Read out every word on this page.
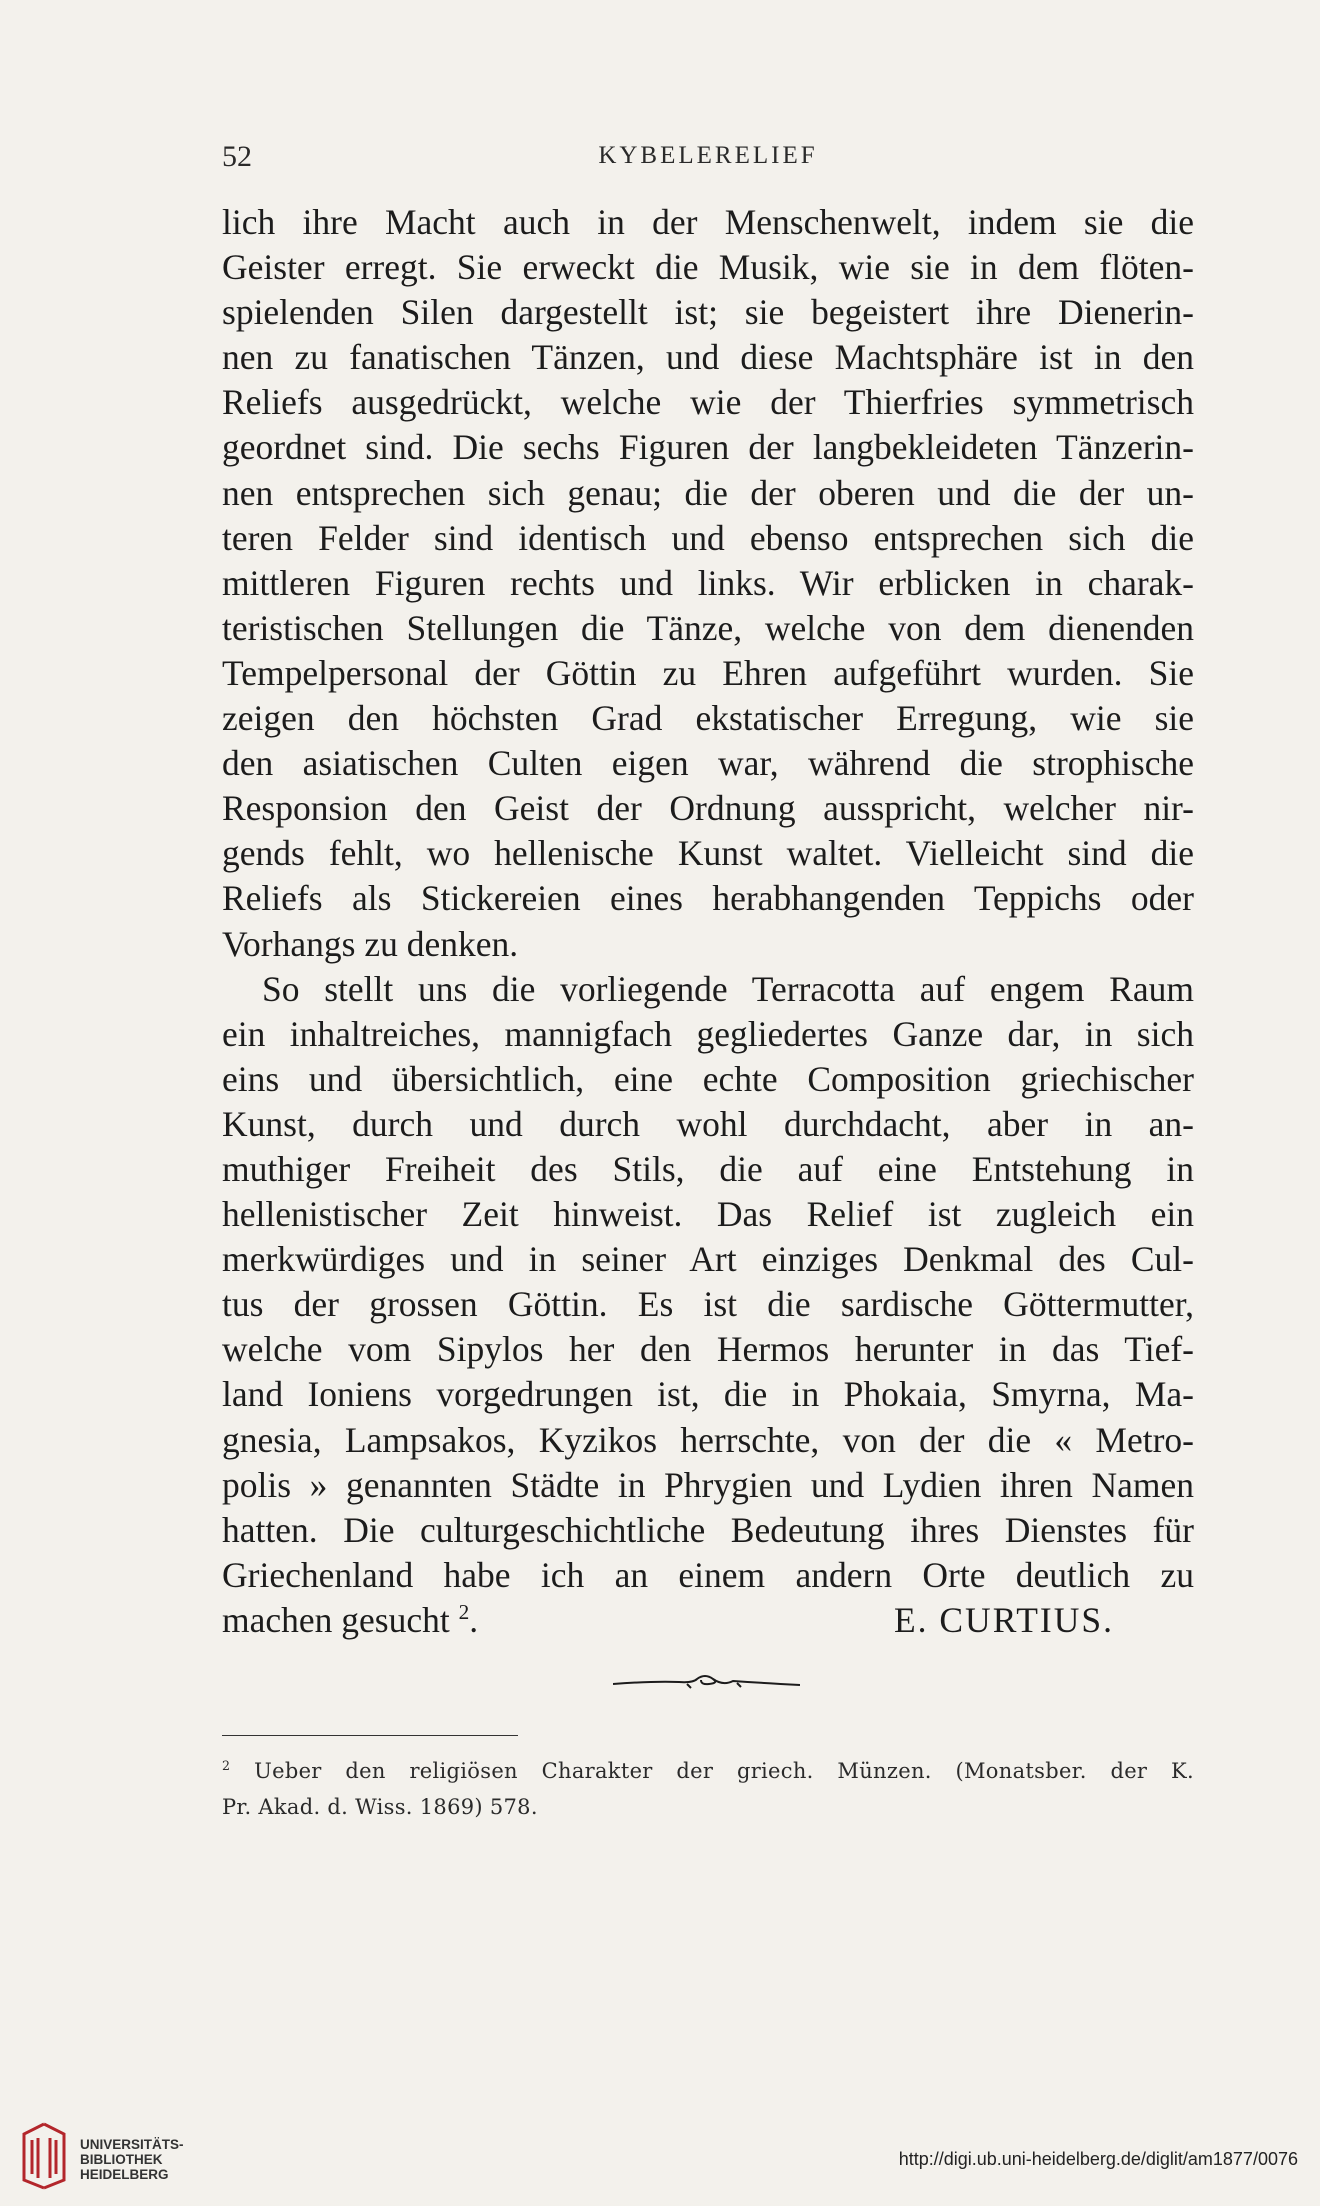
52	KYBELERELIEF
lich ihre Macht auch in der Menschenwelt, indem sie die
Geister erregt. Sie erweckt die Musik, wie sie in dem flöten-
spielenden Silen dargestellt ist; sie begeistert ihre Dienerin-
nen zu fanatischen Tänzen, und diese Machtsphäre ist in den
Reliefs ausgedrückt, welche wie der Thierfries symmetrisch
geordnet sind. Die sechs Figuren der langbekleideten Tänzerin-
nen entsprechen sich genau; die der oberen und die der un-
teren Felder sind identisch und ebenso entsprechen sich die
mittleren Figuren rechts und links. Wir erblicken in charak-
teristischen Stellungen die Tänze, welche von dem dienenden
Tempelpersonal der Göttin zu Ehren aufgeführt wurden. Sie
zeigen den höchsten Grad ekstatischer Erregung, wie sie
den asiatischen Culten eigen war, während die strophische
Responsion den Geist der Ordnung ausspricht, welcher nir-
gends fehlt, wo hellenische Kunst waltet. Vielleicht sind die
Reliefs als Stickereien eines herabhangenden Teppichs oder
Vorhangs zu denken.
So stellt uns die vorliegende Terracotta auf engem Raum
ein inhaltreiches, mannigfach gegliedertes Ganze dar, in sich
eins und übersichtlich, eine echte Composition griechischer
Kunst, durch und durch wohl durchdacht, aber in an-
muthiger Freiheit des Stils, die auf eine Entstehung in
hellenistischer Zeit hinweist. Das Relief ist zugleich ein
merkwürdiges und in seiner Art einziges Denkmal des Cul-
tus der grossen Göttin. Es ist die sardische Göttermutter,
welche vom Sipylos her den Hermos herunter in das Tief-
land Ioniens vorgedrungen ist, die in Phokaia, Smyrna, Ma-
gnesia, Lampsakos, Kyzikos herrschte, von der die « Metro-
polis » genannten Städte in Phrygien und Lydien ihren Namen
hatten. Die culturgeschichtliche Bedeutung ihres Dienstes für
Griechenland habe ich an einem andern Orte deutlich zu
machen gesucht $^2$.	E. CURTIUS.
$^2$ Ueber den religiösen Charakter der griech. Münzen. (Monatsber. der K.
Pr. Akad. d. Wiss. 1869) 578.
UNIVERSITÄTS-
BIBLIOTHEK
HEIDELBERG
http://digi.ub.uni-heidelberg.de/diglit/am1877/0076
